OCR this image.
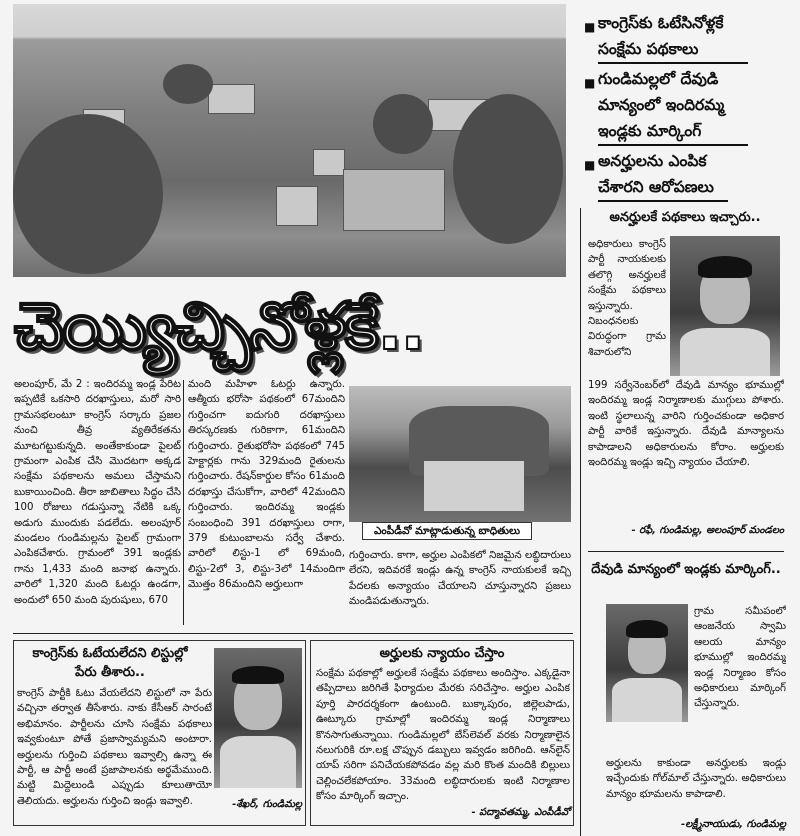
■ కాంగ్రెస్‌కు ఓటేసినోళ్లకే
సంక్షేమ పథకాలు
■ గుండిమల్లలో దేవుడి
మాన్యంలో ఇందిరమ్మ
ఇండ్లకు మార్కింగ్
■ అనర్హులను ఎంపిక
చేశారని ఆరోపణలు
చెయ్యిచ్చినోళ్లకే..
అలంపూర్, మే 2 : ఇందిరమ్మ ఇండ్ల పేరిట ఇప్పటికే ఒకసారి దరఖాస్తులు, మరో సారి గ్రామసభలంటూ కాంగ్రెస్ సర్కారు ప్రజల నుంచి తీవ్ర వ్యతిరేకతను మూటగట్టుకున్నది. అంతేకాకుండా పైలట్ గ్రామంగా ఎంపిక చేసి మొదటగా అక్కడ సంక్షేమ పథకాలను అమలు చేస్తామని బుకాయించింది. తీరా జాబితాలు సిద్ధం చేసి 100 రోజులు గడుస్తున్నా నేటికి ఒక్క అడుగు ముందుకు పడలేదు. అలంపూర్ మండలం గుండిమల్లను పైలట్ గ్రామంగా ఎంపికచేశారు. గ్రామంలో 391 ఇండ్లకు గాను 1,433 మంది జనాభ ఉన్నారు. వారిలో 1,320 మంది ఓటర్లు ఉండగా, అందులో 650 మంది పురుషులు, 670
మంది మహిళా ఓటర్లు ఉన్నారు. ఆత్మీయ భరోసా పథకంలో 67మందిని గుర్తించగా ఐదుగురి దరఖాస్తులు తిరస్కరణకు గురికాగా, 61మందిని గుర్తించారు. రైతుభరోసా పథకంలో 745 హెక్టార్లకు గాను 329మంది రైతులను గుర్తించారు. రేషన్‌కార్డుల కోసం 61మంది దరఖాస్తు చేసుకోగా, వారిలో 42మందిని గుర్తించారు. ఇందిరమ్మ ఇండ్లకు సంబంధించి 391 దరఖాస్తులు రాగా, 379 కుటుంబాలను సర్వే చేశారు. వారిలో లిస్టు-1 లో 69మంది, లిస్టు-2లో 3, లిస్టు-3లో 14మందిగా మొత్తం 86మందిని అర్హులుగా
ఎంపీడీవో మాట్లాడుతున్న బాధితులు
గుర్తించారు. కాగా, అర్హుల ఎంపికలో నిజమైన లబ్ధిదారులు లేరని, ఇదివరకే ఇండ్లు ఉన్న కాంగ్రెస్ నాయకులకే ఇచ్చి పేదలకు అన్యాయం చేయాలని చూస్తున్నారని ప్రజలు మండిపడుతున్నారు.
అనర్హులకే పథకాలు ఇచ్చారు..
అధికారులు కాంగ్రెస్ పార్టీ నాయకులకు తలొగ్గి అనర్హులకే సంక్షేమ పథకాలు ఇస్తున్నారు. నిబంధనలకు విరుద్ధంగా గ్రామ శివారులోని
199 సర్వేనెంబర్‌లో దేవుడి మాన్యం భూముల్లో ఇందిరమ్మ ఇండ్ల నిర్మాణాలకు ముగ్గులు పోశారు. ఇంటి స్థలాలున్న వారిని గుర్తించకుండా అధికార పార్టీ వారికే ఇస్తున్నారు. దేవుడి మాన్యాలను కాపాడాలని అధికారులను కోరాం. అర్హులకు ఇందిరమ్మ ఇండ్లు ఇచ్చి న్యాయం చేయాలి.
- రఫీ, గుండిమల్ల, అలంపూర్ మండలం
దేవుడి మాన్యంలో ఇండ్లకు మార్కింగ్..
గ్రామ సమీపంలో ఆంజనేయ స్వామి ఆలయ మాన్యం భూముల్లో ఇందిరమ్మ ఇండ్ల నిర్మాణం కోసం అధికారులు మార్కింగ్ చేస్తున్నారు.
అర్హులను కాకుండా అనర్హులకు ఇండ్లు ఇచ్చేందుకు గోల్‌మాల్ చేస్తున్నారు. అధికారులు మాన్యం భూమలను కాపాడాలి.
-లక్ష్మీనాయుడు, గుండిమల్ల
కాంగ్రెస్‌కు ఓటేయలేదని లిస్టుల్లో పేరు తీశారు..
కాంగ్రెస్ పార్టీకి ఓటు వేయలేదని లిస్టులో నా పేరు వచ్చినా తర్వాత తీసేశారు. నాకు కేసీఆర్ సారంటే అభిమానం. పార్టీలను చూసి సంక్షేమ పథకాలు ఇవ్వకుంటూ పోతే ప్రజాస్వామ్యమని అంటారా. అర్హులను గుర్తించి పథకాలు ఇవ్వాల్సి ఉన్నా ఈ పార్టీ, ఆ పార్టీ అంటే ప్రజాపాలనకు అర్థమేముంది. మట్టి మిద్దెలుండి ఎప్పుడు కూలుతాయో తెలియదు. అర్హులను గుర్తించి ఇండ్లు ఇవ్వాలి.	-శేఖర్, గుండిమల్ల
అర్హులకు న్యాయం చేస్తాం
సంక్షేమ పథకాల్లో అర్హులకే సంక్షేమ పథకాలు అందిస్తాం. ఎక్కడైనా తప్పిదాలు జరిగితే ఫిర్యాదుల మేరకు సరిచేస్తాం. అర్హుల ఎంపిక పూర్తి పారదర్శకంగా ఉంటుంది. బుక్కాపురం, జిల్లెలపాడు, ఊట్కూరు గ్రామాల్లో ఇందిరమ్మ ఇండ్ల నిర్మాణాలు కొనసాగుతున్నాయి. గుండిమల్లలో బేస్‌లెవల్ వరకు నిర్మాణాలైన నలుగురికి రూ.లక్ష చొప్పున డబ్బులు ఇవ్వడం జరిగింది. ఆన్‌లైన్ యాప్ సరిగా పనిచేయకపోవడం వల్ల మరి కొంత మందికి బిల్లులు చెల్లించలేకపోయాం. 33మంది లబ్ధిదారులకు ఇంటి నిర్మాణాల కోసం మార్కింగ్ ఇచ్చాం.
- పద్మావతమ్మ, ఎంపీడీవో
